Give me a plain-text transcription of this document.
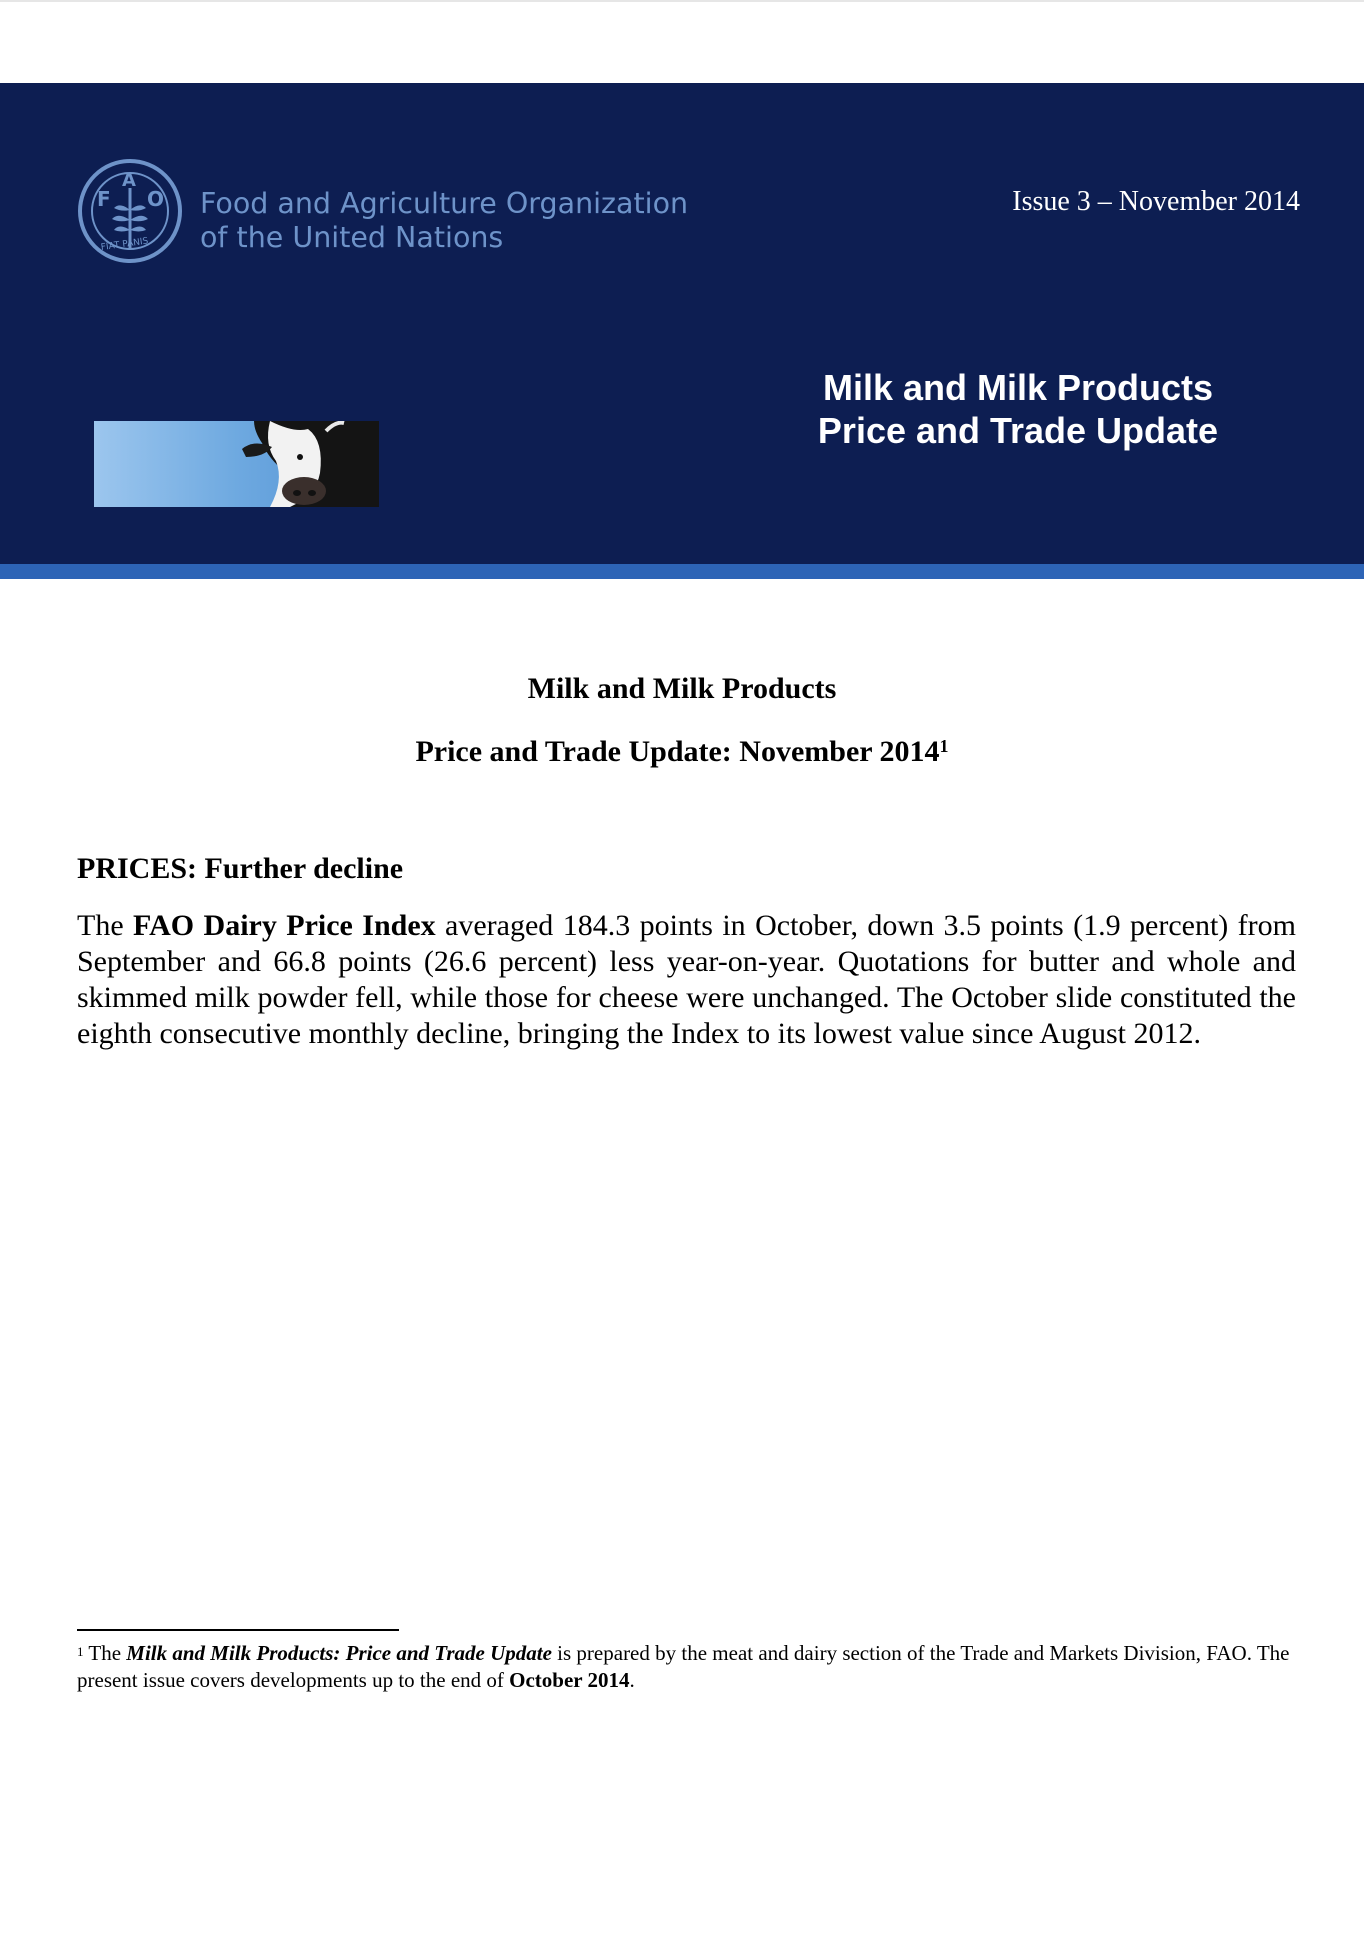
F
A
O
FIAT PANIS
Food and Agriculture Organization
of the United Nations
Issue 3 – November 2014
Milk and Milk Products
Price and Trade Update
Milk and Milk Products
Price and Trade Update: November 2014$^1$
PRICES: Further decline
The FAO Dairy Price Index averaged 184.3 points in October, down 3.5 points (1.9 percent) from September and 66.8 points (26.6 percent) less year-on-year. Quotations for butter and whole and skimmed milk powder fell, while those for cheese were unchanged. The October slide constituted the eighth consecutive monthly decline, bringing the Index to its lowest value since August 2012.
$^1$ The Milk and Milk Products: Price and Trade Update is prepared by the meat and dairy section of the Trade and Markets Division, FAO. The present issue covers developments up to the end of October 2014.
